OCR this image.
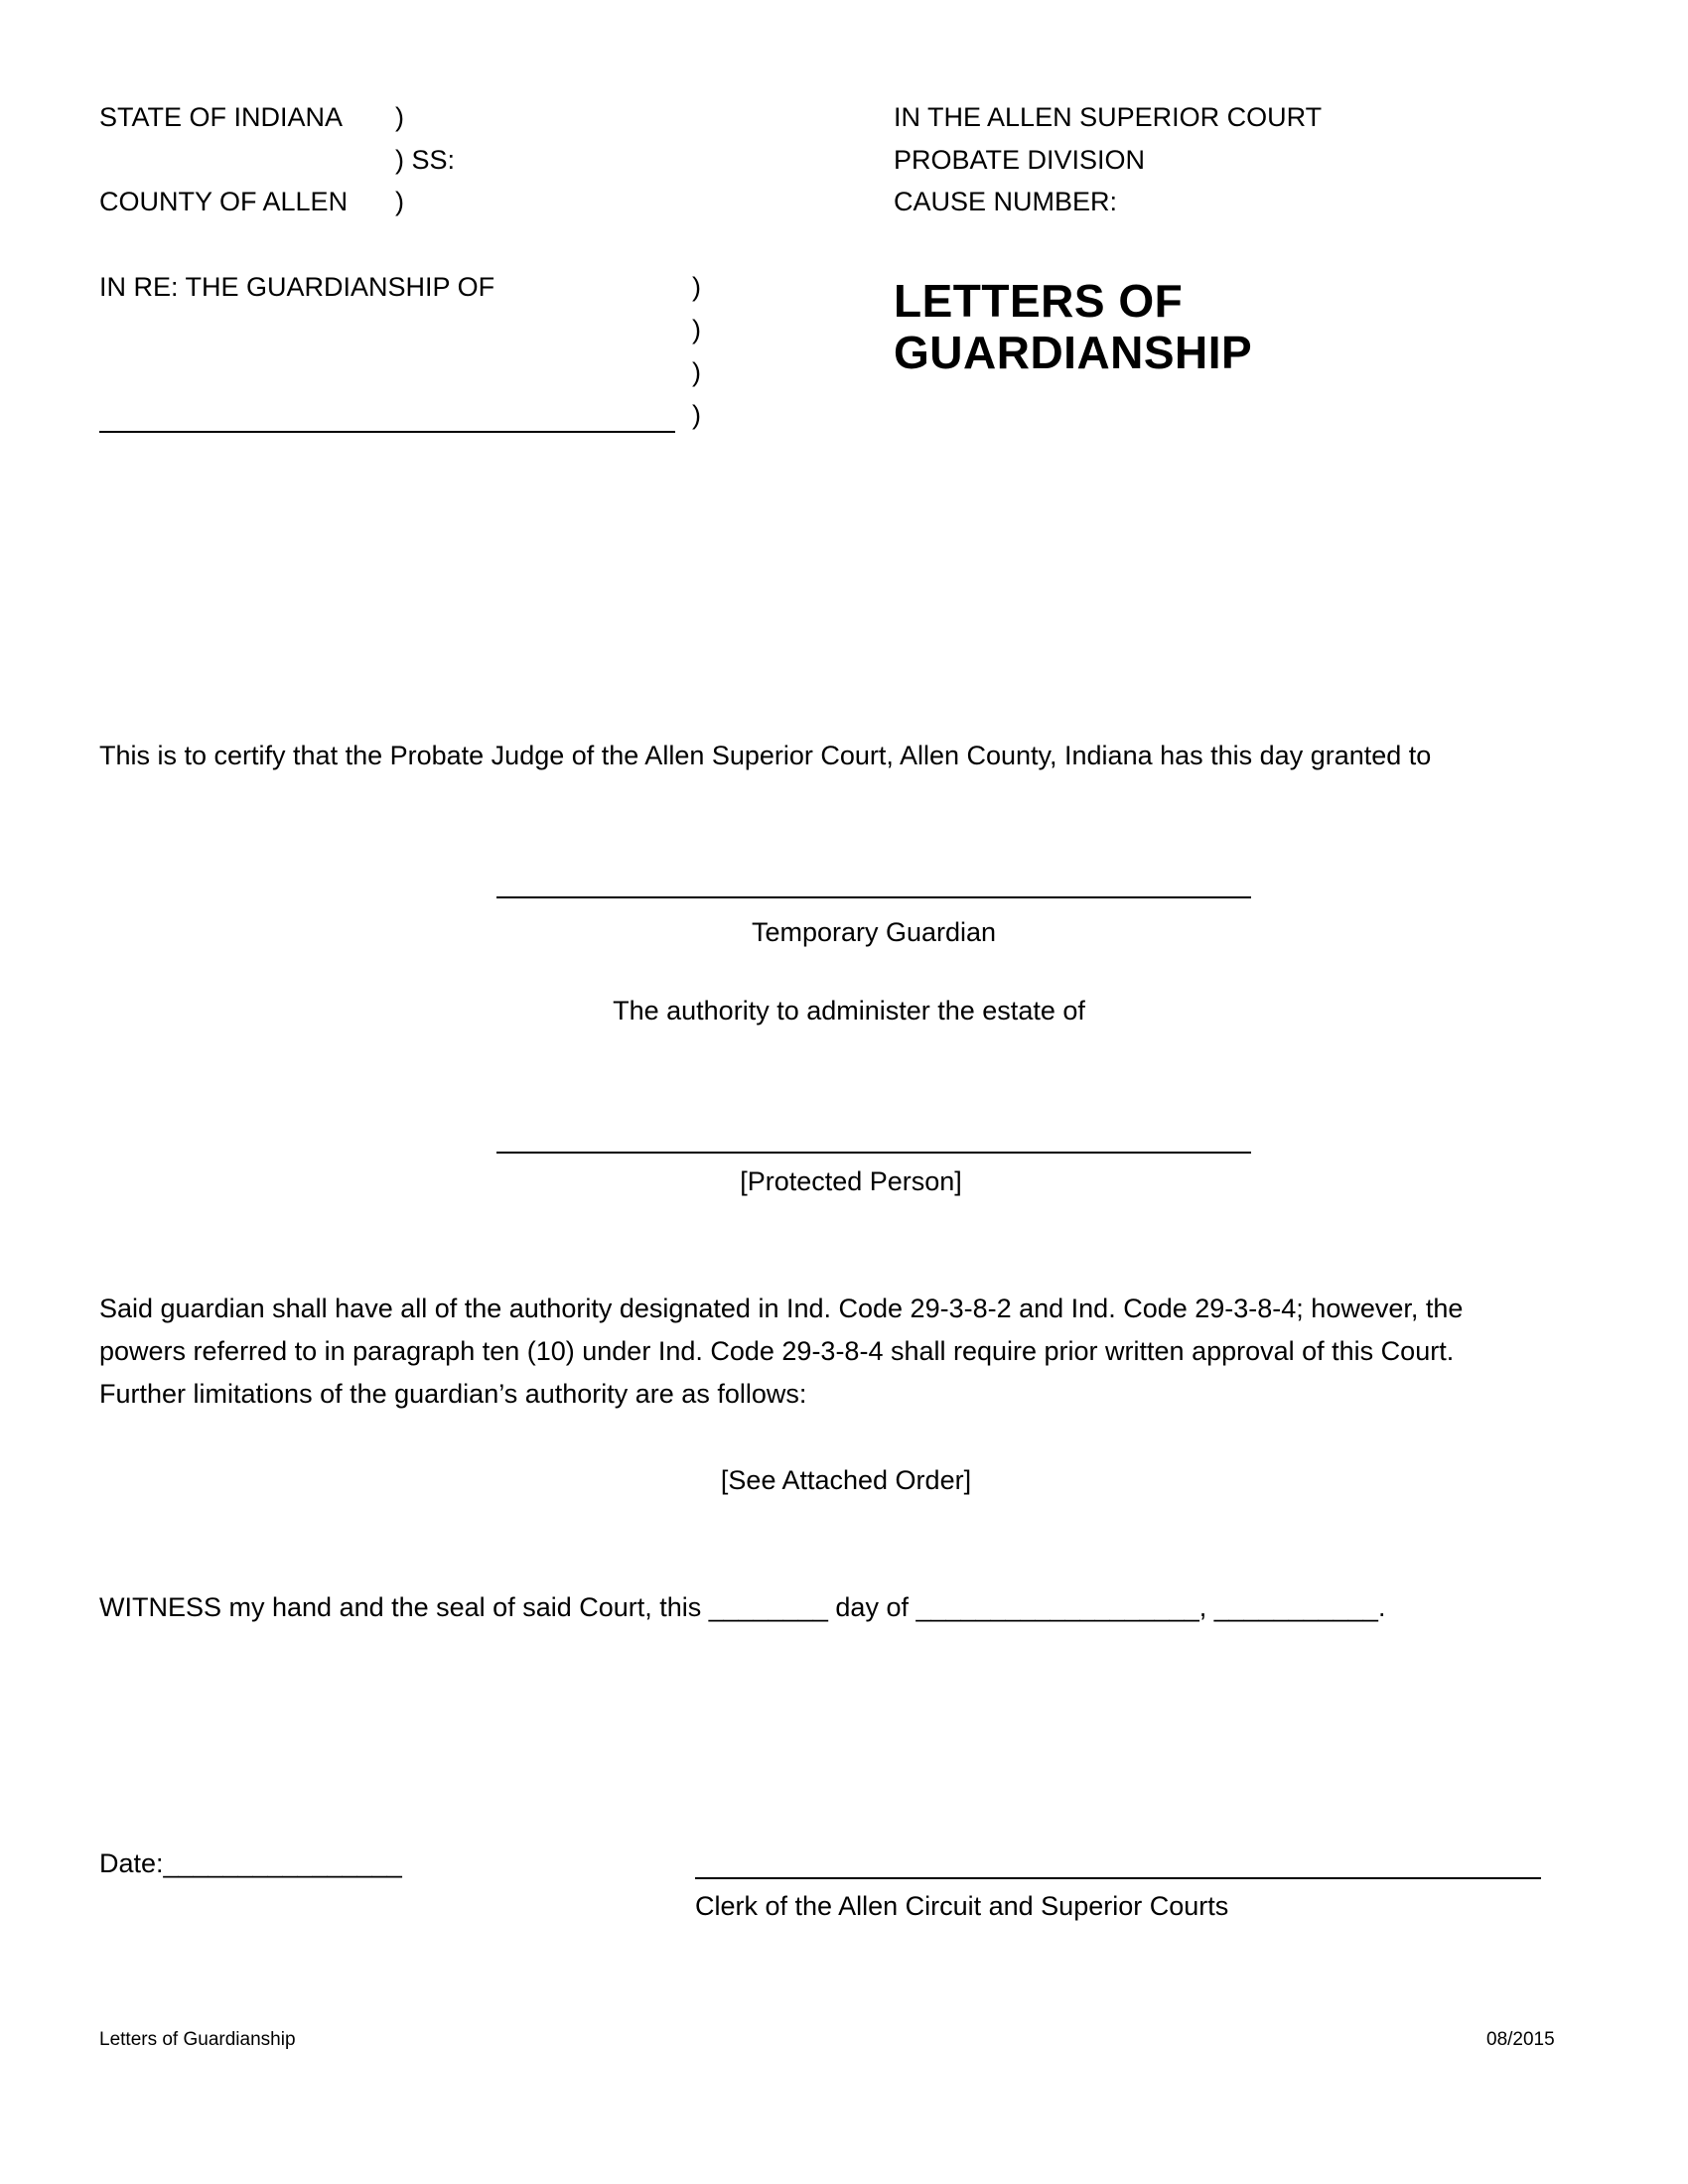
STATE OF INDIANA )
) SS:
COUNTY OF ALLEN )
IN THE ALLEN SUPERIOR COURT
PROBATE DIVISION
CAUSE NUMBER:
IN RE: THE GUARDIANSHIP OF	)
)
)
)
LETTERS OF
GUARDIANSHIP
This is to certify that the Probate Judge of the Allen Superior Court, Allen County, Indiana has this day granted to
Temporary Guardian
The authority to administer the estate of
[Protected Person]
Said guardian shall have all of the authority designated in Ind. Code 29-3-8-2 and Ind. Code 29-3-8-4; however, the
powers referred to in paragraph ten (10) under Ind. Code 29-3-8-4 shall require prior written approval of this Court.
Further limitations of the guardian’s authority are as follows:
[See Attached Order]
WITNESS my hand and the seal of said Court, this ________ day of ___________________, ___________.
Date:________________
Clerk of the Allen Circuit and Superior Courts
Letters of Guardianship	08/2015
